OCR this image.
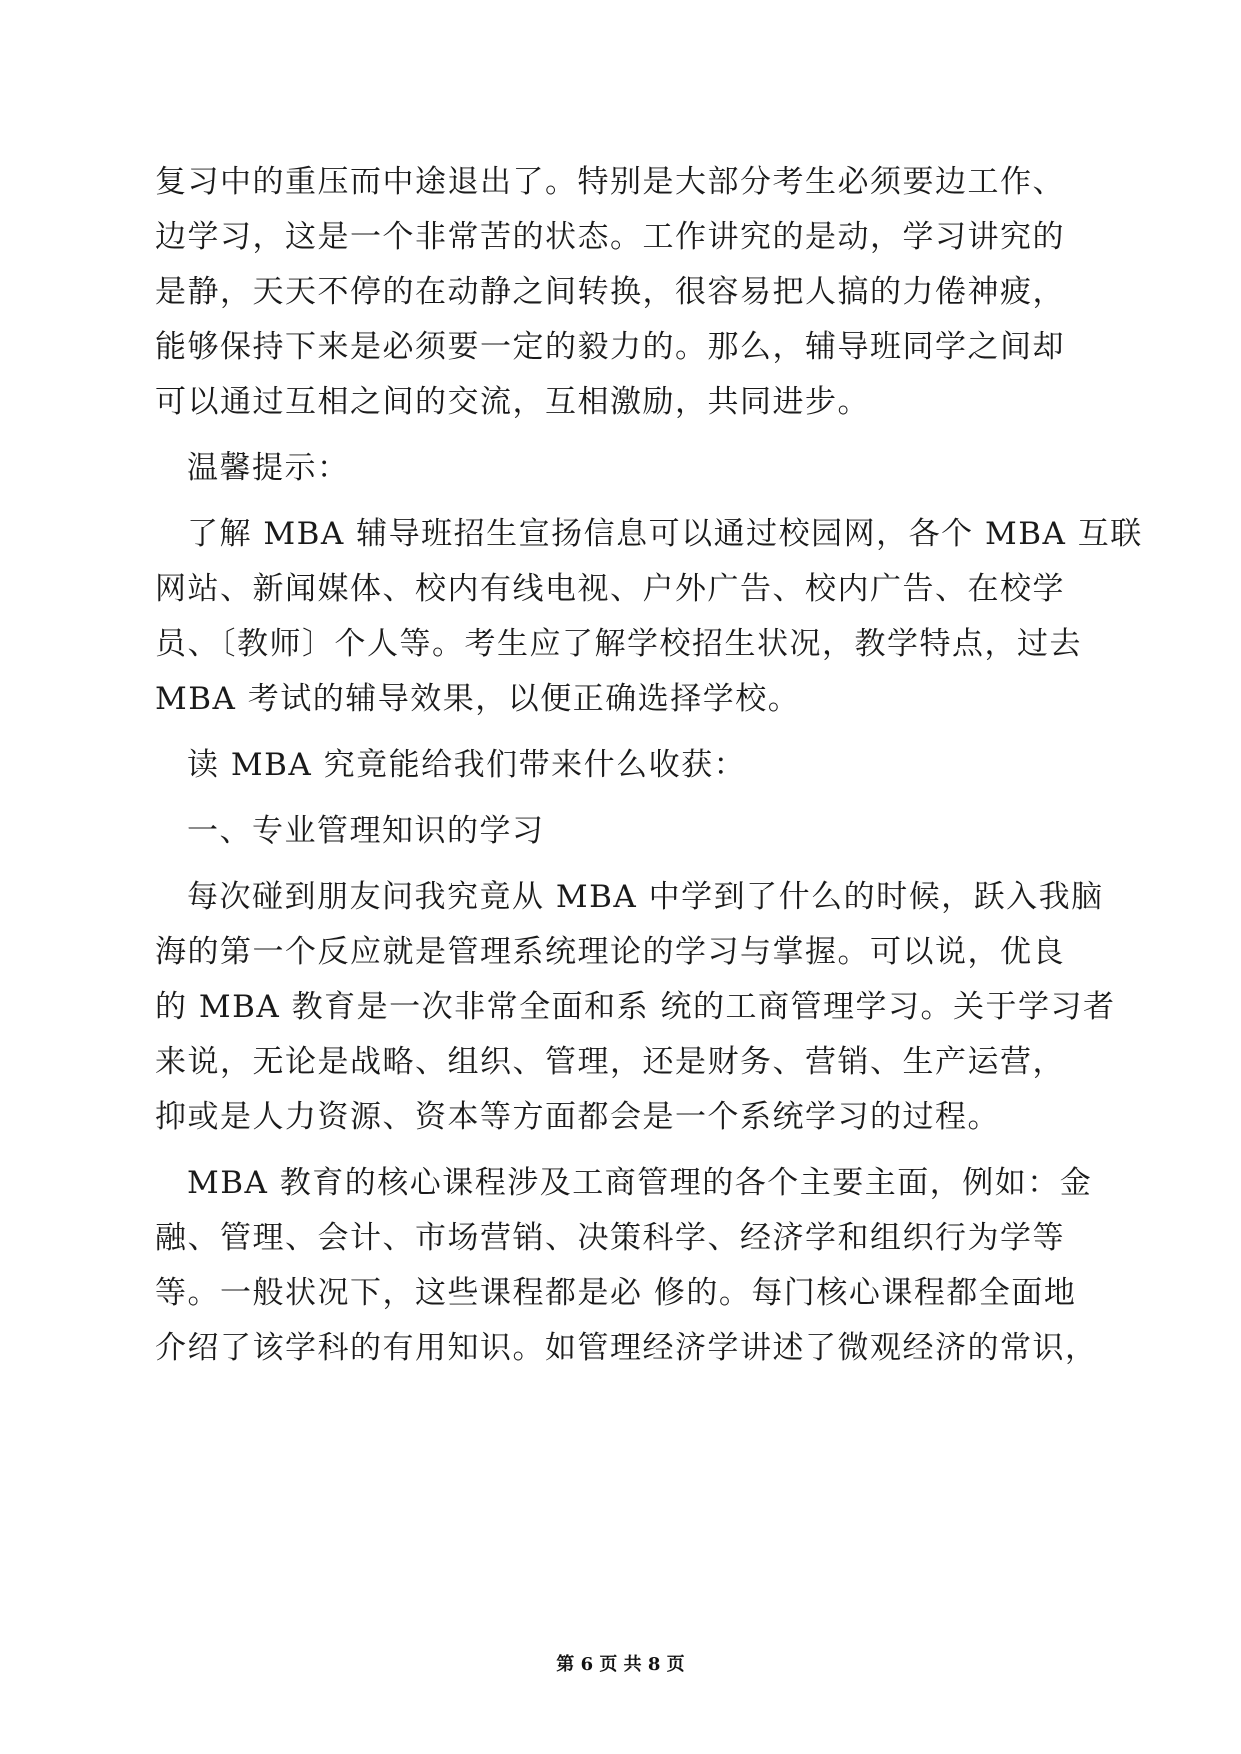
复习中的重压而中途退出了。特别是大部分考生必须要边工作、
边学习，这是一个非常苦的状态。工作讲究的是动，学习讲究的
是静，天天不停的在动静之间转换，很容易把人搞的力倦神疲，
能够保持下来是必须要一定的毅力的。那么，辅导班同学之间却
可以通过互相之间的交流，互相激励，共同进步。
温馨提示：
了解 MBA 辅导班招生宣扬信息可以通过校园网，各个 MBA 互联
网站、新闻媒体、校内有线电视、户外广告、校内广告、在校学
员、〔教师〕个人等。考生应了解学校招生状况，教学特点，过去
MBA 考试的辅导效果，以便正确选择学校。
读 MBA 究竟能给我们带来什么收获：
一、专业管理知识的学习
每次碰到朋友问我究竟从 MBA 中学到了什么的时候，跃入我脑
海的第一个反应就是管理系统理论的学习与掌握。可以说，优良
的 MBA 教育是一次非常全面和系 统的工商管理学习。关于学习者
来说，无论是战略、组织、管理，还是财务、营销、生产运营，
抑或是人力资源、资本等方面都会是一个系统学习的过程。
MBA 教育的核心课程涉及工商管理的各个主要主面，例如：金
融、管理、会计、市场营销、决策科学、经济学和组织行为学等
等。一般状况下，这些课程都是必 修的。每门核心课程都全面地
介绍了该学科的有用知识。如管理经济学讲述了微观经济的常识，
第 6 页 共 8 页
